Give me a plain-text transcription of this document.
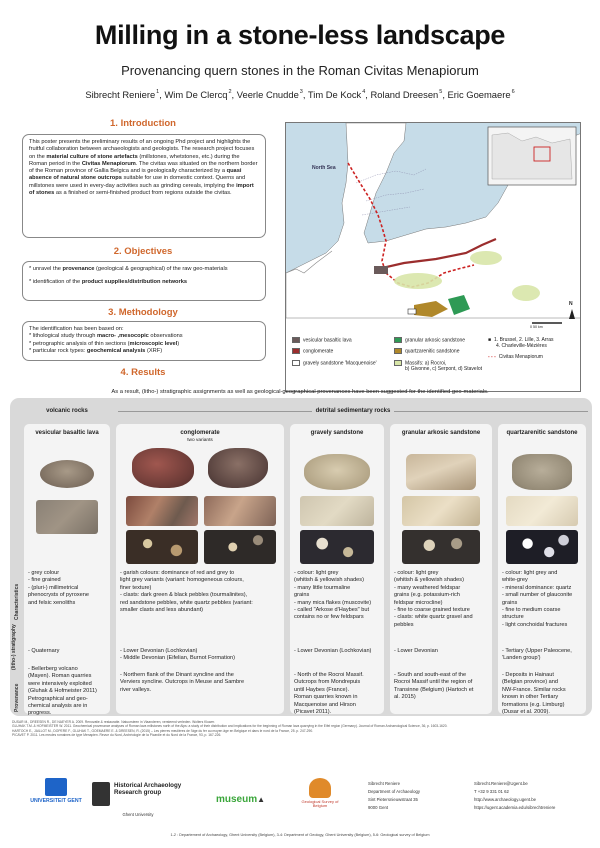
Milling in a stone-less landscape
Provenancing quern stones in the Roman Civitas Menapiorum
Sibrecht Reniere$^1$, Wim De Clercq$^2$, Veerle Cnudde$^3$, Tim De Kock$^4$, Roland Dreesen$^5$, Eric Goemaere$^6$
1. Introduction
This poster presents the preliminary results of an ongoing Phd project and highlights the fruitful collaboration between archaeologists and geologists. The research project focuses on the material culture of stone artefacts (millstones, whetstones, etc.) during the Roman period in the Civitas Menapiorum. The civitas was situated on the northern border of the Roman province of Gallia Belgica and is geologically characterized by a quasi absence of natural stone outcrops suitable for use in domestic context. Querns and millstones were used in every-day activities such as grinding cereals, implying the import of stones as a finished or semi-finished product from regions outside the civitas.
2. Objectives
* unravel the provenance (geological & geographical) of the raw geo-materials
* identification of the product supplies/distribution networks
3. Methodology
The identification has been based on:
* lithological study through macro- ,mesocopic observations
* petrographic analysis of thin sections (microscopic level)
* particular rock types: geochemical analysis (XRF)
4. Results
North Sea
0 50 km
N
vesicular basaltic lava
conglomerate
gravely sandstone 'Macquenoise'
granular arkosic sandstone
quartzarenitic sandstone
Massifs: a) Rocroi,
b) Givonne, c) Serpont, d) Stavelot
■ 1. Brussel, 2. Lille, 3. Arras
4. Charleville-Mézières
- - - Civitas Menapiorum
As a result, (litho-) stratigraphic assignments as well as geological-geographical provenances have been suggested for the identified geo-materials.
volcanic rocks	detrital sedimentary rocks
Characteristics
(litho-) stratigraphy
Provenance
vesicular basaltic lava
- grey colour
- fine grained
- (pluri-) millimetrical
phenocrysts of pyroxene
and felsic xenoliths
- Quaternary
- Bellerberg volcano
(Mayen). Roman quarries
were intensively exploited
(Gluhak & Hofmeister 2011)
Petrographical and geo-
chemical analysis are in
progress.
conglomerate
two variants
- garish colours: dominance of red and grey to
light grey variants (variant: homogeneous colours,
finer texture)
- clasts: dark green & black pebbles (tourmalinites),
red sandstone pebbles, white quartz pebbles (variant:
smaller clasts and less abundant)
- Lower Devonian (Lochkovian)
- Middle Devonian (Eifelian, Burnot Formation)
- Northern flank of the Dinant syncline and the
Verviers syncline. Outcrops in Meuse and Sambre
river valleys.
gravely sandstone
- colour: light grey
(whitish & yellowish shades)
- many little tourmaline
grains
- many mica flakes (muscovite)
- called "Arkose d'Haybes" but
contains no or few feldspars
- Lower Devonian (Lochkovian)
- North of the Rocroi Massif.
Outcrops from Mondrepuis
until Haybes (France).
Roman quarries known in
Macquenoise and Hirson
(Picavet 2011).
granular arkosic sandstone
- colour: light grey
(whitish & yellowish shades)
- many weathered feldspar
grains (e.g. potassium-rich
feldspar microcline)
- fine to coarse grained texture
- clasts: white quartz gravel and
pebbles
- Lower Devonian
- South and south-east of the
Rocroi Massif until the region of
Transinne (Belgium) (Hartoch et
al. 2015)
quartzarenitic sandstone
- colour: light grey and
white-grey
- mineral dominance: quartz
- small number of glauconite
grains
- fine to medium coarse
structure
- light conchoidal fractures
- Tertiary (Upper Paleocene,
'Landen group')
- Deposits in Hainaut
(Belgian province) and
NW-France. Similar rocks
known in other Tertiary
formations (e.g. Limburg)
(Dusar et al. 2009).
DUSAR M., DREESEN R., DE NAEYER A. 2009. Renovatie & restauratie. Natuursteen in Vlaanderen, versteend verleden. Wolters Kluwer.
GLUHAK T.M. & HOFMEISTER W. 2011. Geochemical provenance analyses of Roman lava millstones north of the Alps: a study of their distribution and implications for the beginning of Roman lava quarrying in the Eifel region (Germany). Journal of Roman Archaeological Science, 36, p. 1603-1620.
HARTOCH E., JAILLOT M., DOPERE F., GLUHAK T., GOEMAERE E. & DREESEN, R. (2015) – Les pierres meulières de l'âge du fer au moyen âge en Belgique et dans le nord de la France, 25. p. 247-290.
PICAVET P. 2011. Les meules romaines de type Menapien. Revue du Nord, Archéologie de la Picardie et du Nord de la France, 93, p. 167-226.
UNIVERSITEIT GENT
Historical Archaeology Research group
Ghent University
museum▲	Geological Survey of Belgium
Sibrecht Reniere
Department of Archaeology
Sint Pietersnieuwstraat 35
9000 Gent
Sibrecht.Reniere@Ugent.be
T +32 9 331 01 62
http://www.archaeology.ugent.be
https://ugent.academia.edu/sibrechtreniere
1-2 : Departement of Archaeology, Ghent University (Belgium), 3-4: Department of Geology, Ghent University (Belgium), 5-6: Geological survey of Belgium
